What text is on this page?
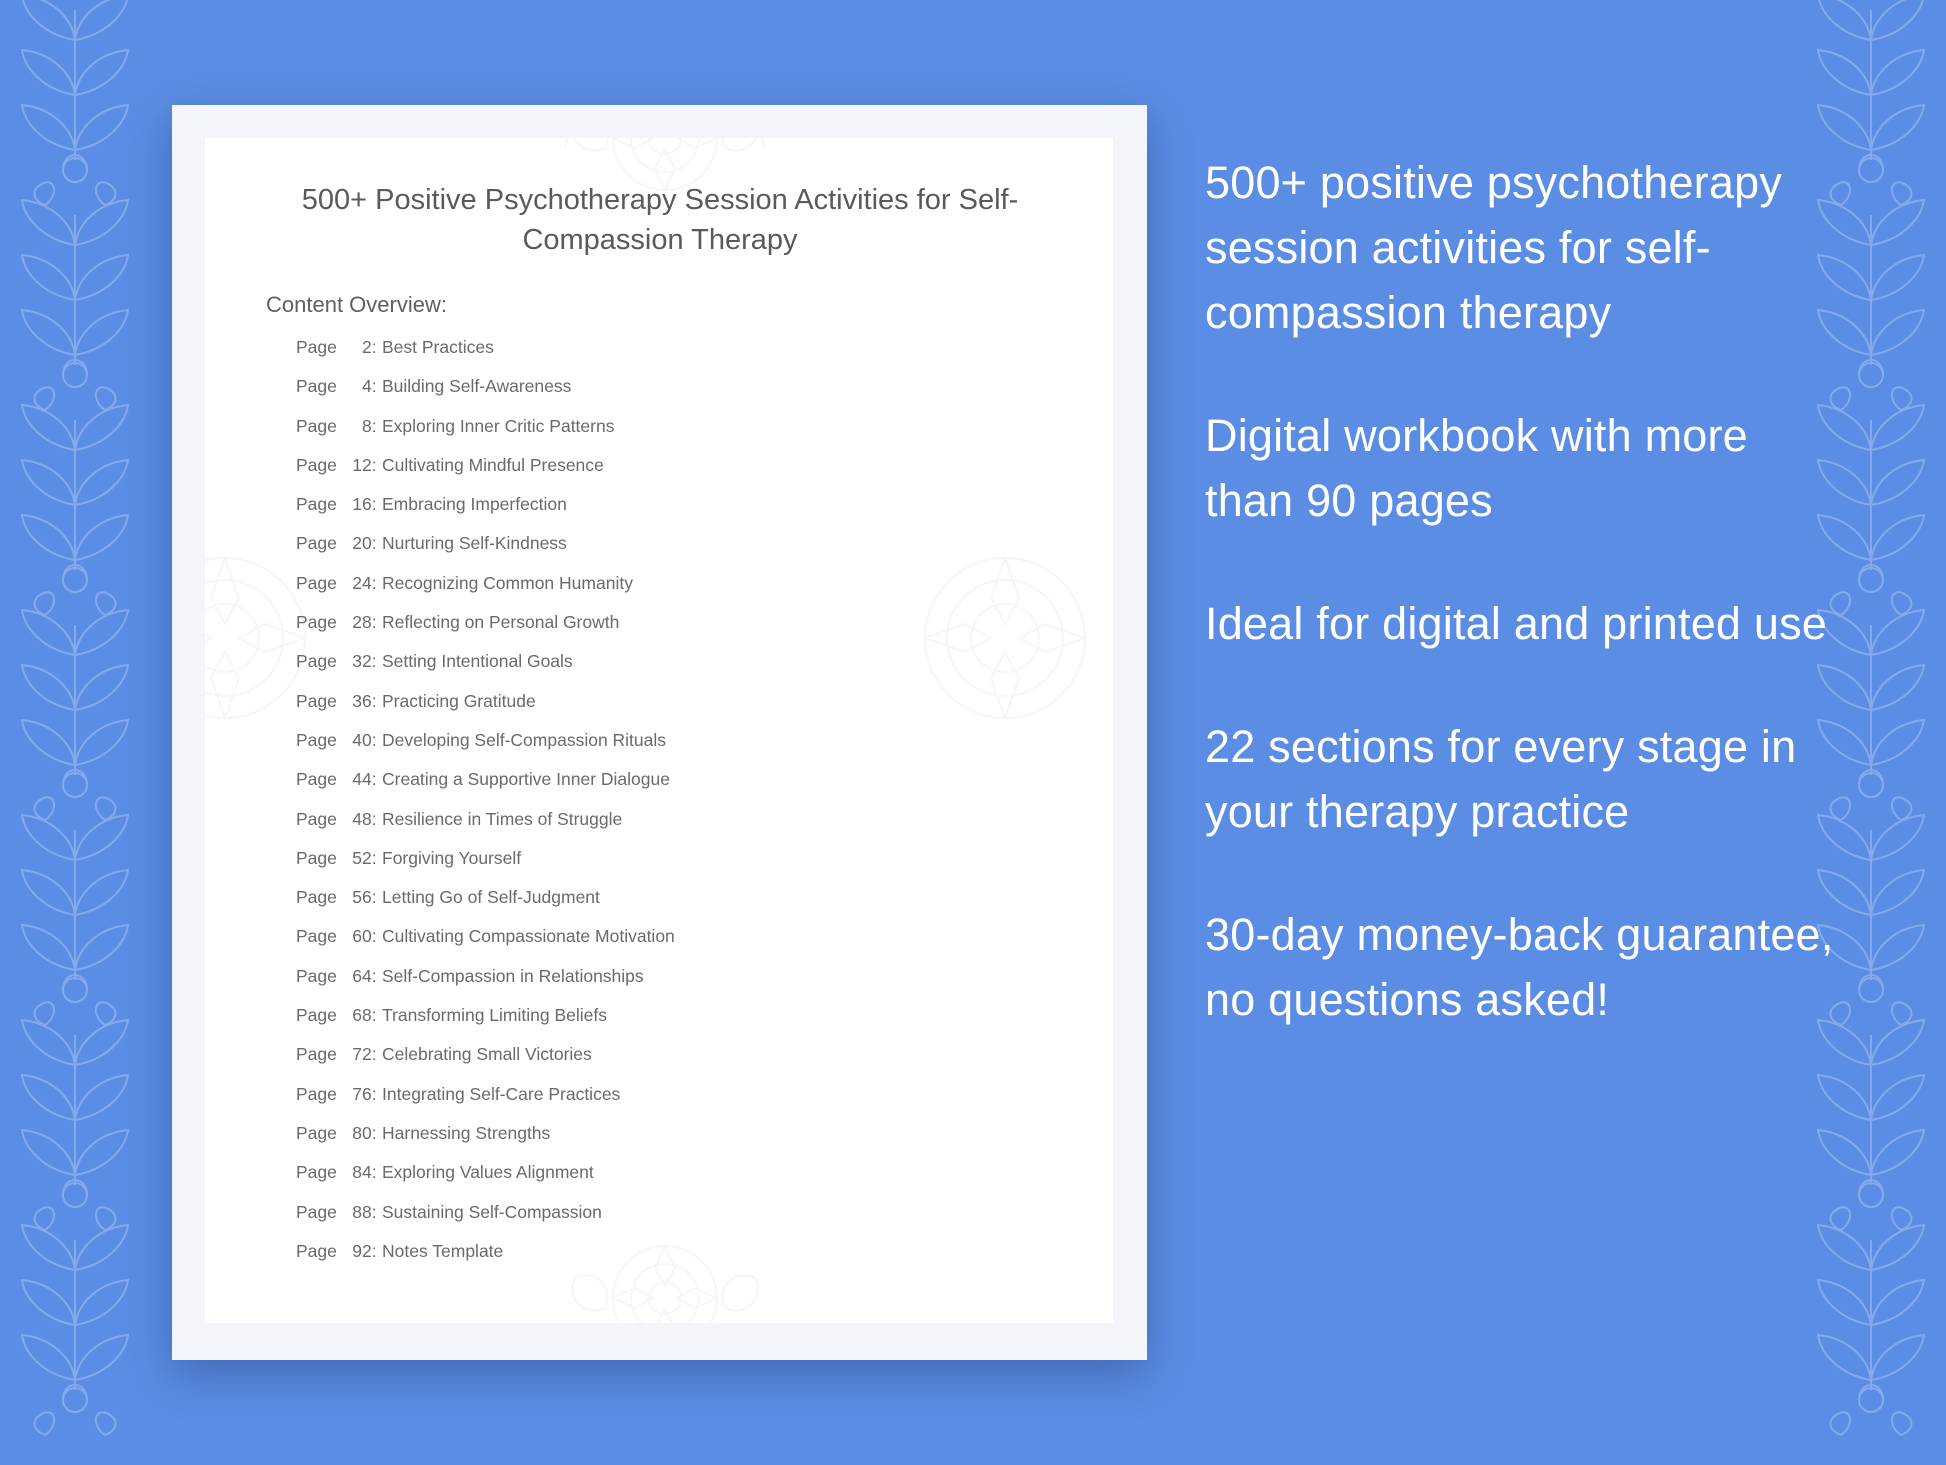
500+ Positive Psychotherapy Session Activities for Self-Compassion Therapy
Content Overview:
Page 2: Best Practices
Page 4: Building Self-Awareness
Page 8: Exploring Inner Critic Patterns
Page 12: Cultivating Mindful Presence
Page 16: Embracing Imperfection
Page 20: Nurturing Self-Kindness
Page 24: Recognizing Common Humanity
Page 28: Reflecting on Personal Growth
Page 32: Setting Intentional Goals
Page 36: Practicing Gratitude
Page 40: Developing Self-Compassion Rituals
Page 44: Creating a Supportive Inner Dialogue
Page 48: Resilience in Times of Struggle
Page 52: Forgiving Yourself
Page 56: Letting Go of Self-Judgment
Page 60: Cultivating Compassionate Motivation
Page 64: Self-Compassion in Relationships
Page 68: Transforming Limiting Beliefs
Page 72: Celebrating Small Victories
Page 76: Integrating Self-Care Practices
Page 80: Harnessing Strengths
Page 84: Exploring Values Alignment
Page 88: Sustaining Self-Compassion
Page 92: Notes Template
500+ positive psychotherapy session activities for self-compassion therapy
Digital workbook with more than 90 pages
Ideal for digital and printed use
22 sections for every stage in your therapy practice
30-day money-back guarantee, no questions asked!
